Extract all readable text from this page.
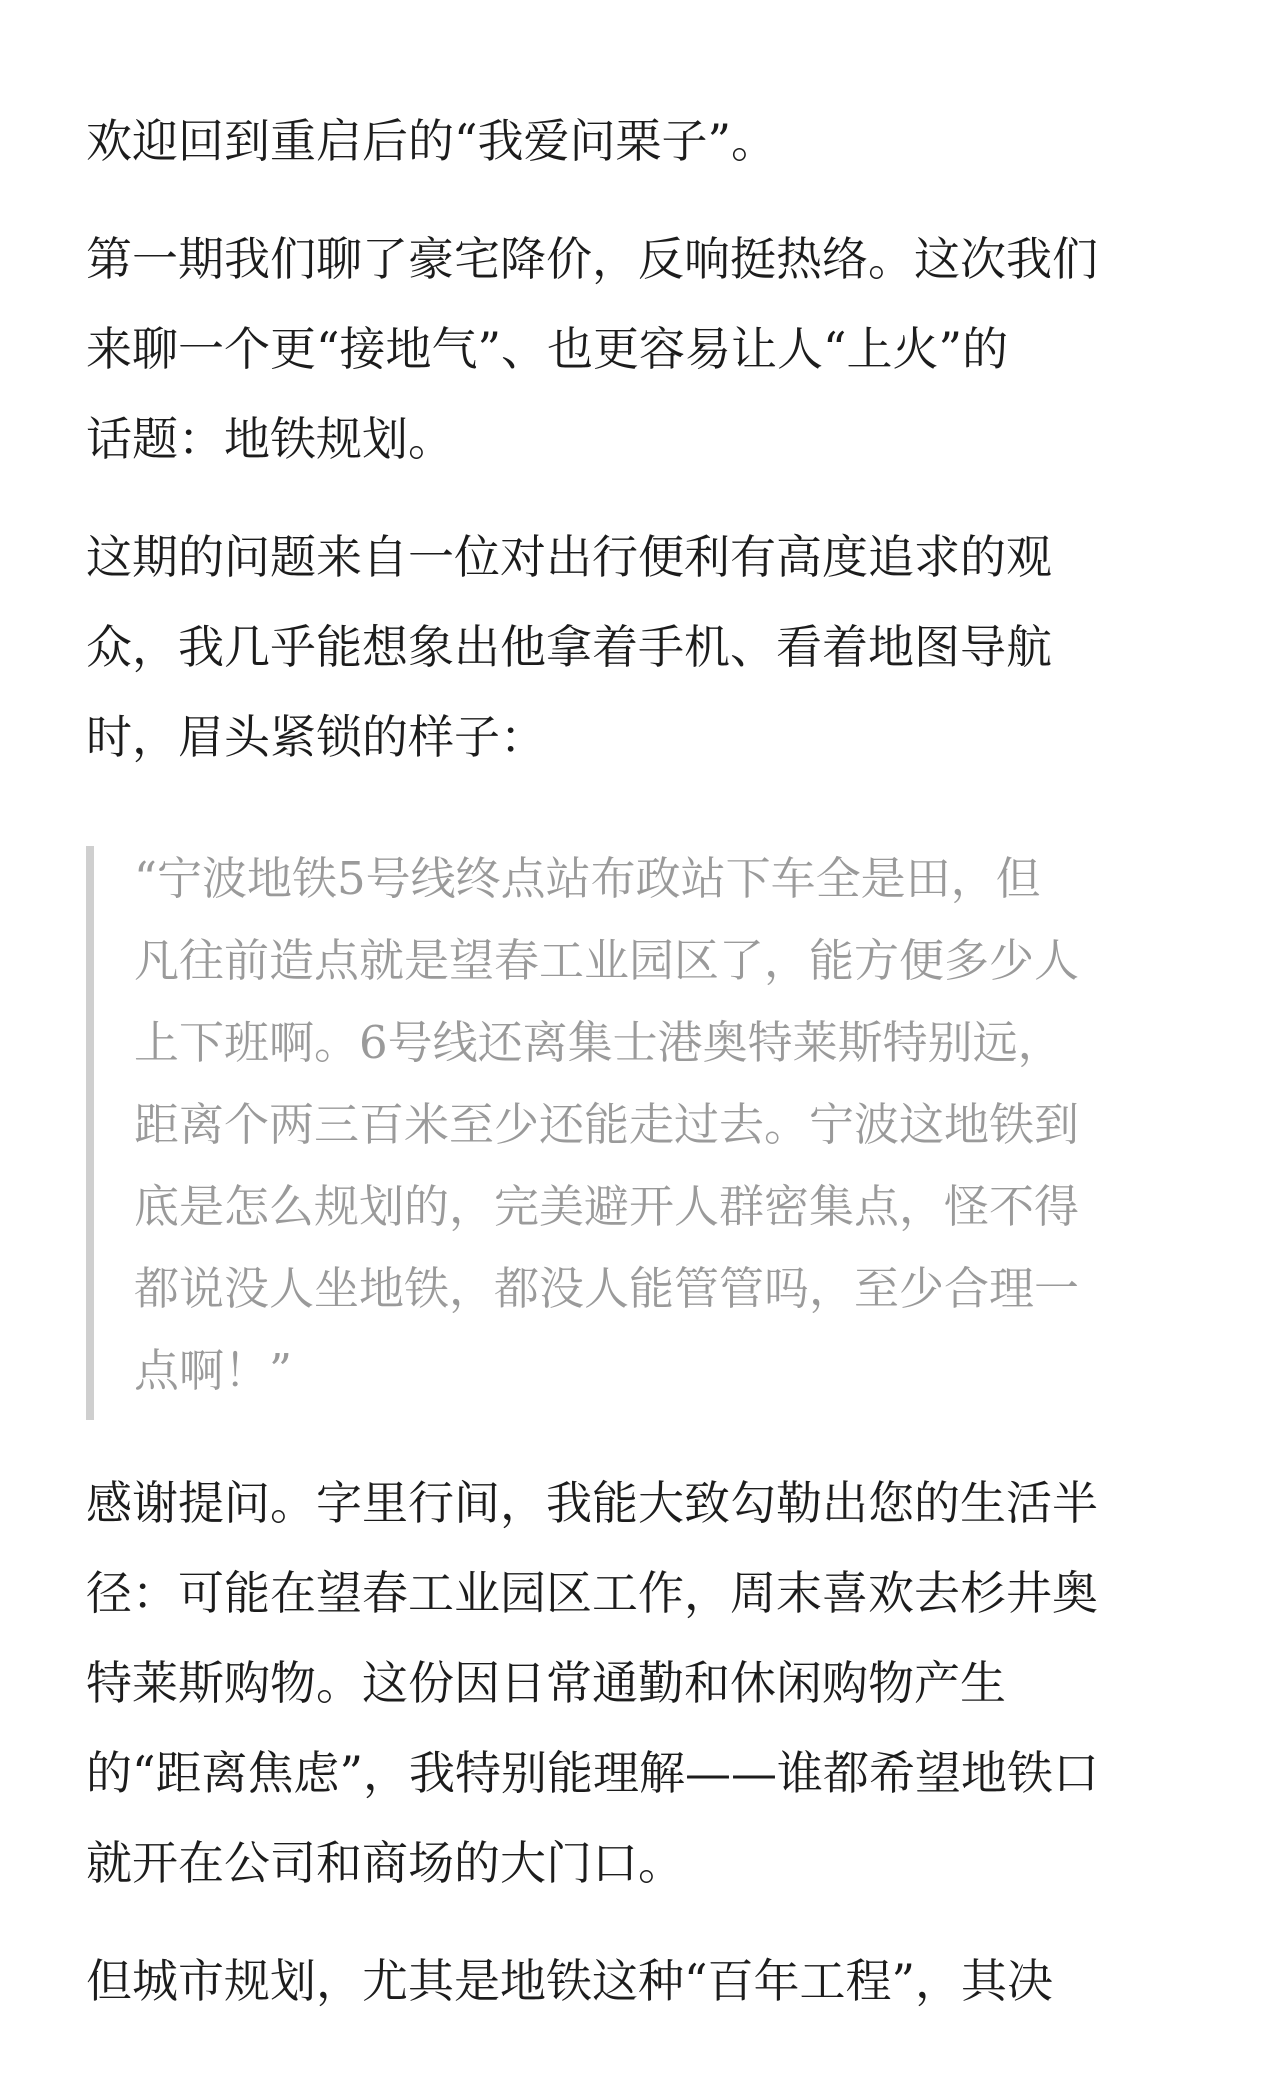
欢迎回到重启后的“我爱问栗子”。

第一期我们聊了豪宅降价，反响挺热络。这次我们
来聊一个更“接地气”、也更容易让人“上火”的
话题：地铁规划。

这期的问题来自一位对出行便利有高度追求的观
众，我几乎能想象出他拿着手机、看着地图导航
时，眉头紧锁的样子：

“宁波地铁5号线终点站布政站下车全是田，但
凡往前造点就是望春工业园区了，能方便多少人
上下班啊。6号线还离集士港奥特莱斯特别远，
距离个两三百米至少还能走过去。宁波这地铁到
底是怎么规划的，完美避开人群密集点，怪不得
都说没人坐地铁，都没人能管管吗，至少合理一
点啊！”

感谢提问。字里行间，我能大致勾勒出您的生活半
径：可能在望春工业园区工作，周末喜欢去杉井奥
特莱斯购物。这份因日常通勤和休闲购物产生
的“距离焦虑”，我特别能理解——谁都希望地铁口
就开在公司和商场的大门口。

但城市规划，尤其是地铁这种“百年工程”，其决
